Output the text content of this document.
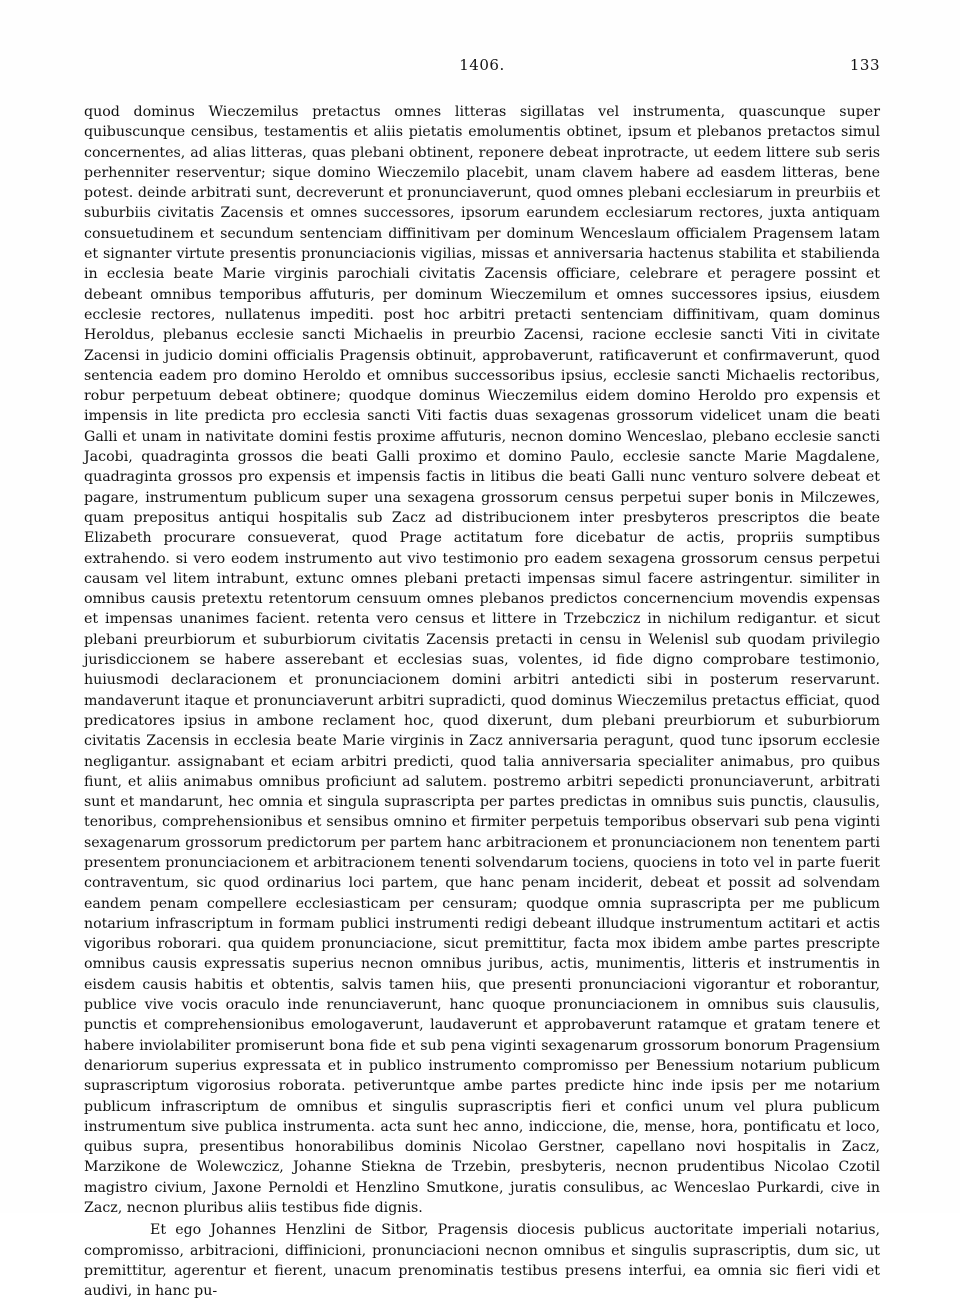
1406.	133

quod dominus Wieczemilus pretactus omnes litteras sigillatas vel instrumenta, quascunque super quibuscunque censibus, testamentis et aliis pietatis emolumentis obtinet, ipsum et plebanos pretactos simul concernentes, ad alias litteras, quas plebani obtinent, reponere debeat inprotracte, ut eedem littere sub seris perhenniter reserventur; sique domino Wieczemilo placebit, unam clavem habere ad easdem litteras, bene potest. deinde arbitrati sunt, decreverunt et pronunciaverunt, quod omnes plebani ecclesiarum in preurbiis et suburbiis civitatis Zacensis et omnes successores, ipsorum earundem ecclesiarum rectores, juxta antiquam consuetudinem et secundum sentenciam diffinitivam per dominum Wenceslaum officialem Pragensem latam et signanter virtute presentis pronunciacionis vigilias, missas et anniversaria hactenus stabilita et stabilienda in ecclesia beate Marie virginis parochiali civitatis Zacensis officiare, celebrare et peragere possint et debeant omnibus temporibus affuturis, per dominum Wieczemilum et omnes successores ipsius, eiusdem ecclesie rectores, nullatenus impediti. post hoc arbitri pretacti sentenciam diffinitivam, quam dominus Heroldus, plebanus ecclesie sancti Michaelis in preurbio Zacensi, racione ecclesie sancti Viti in civitate Zacensi in judicio domini officialis Pragensis obtinuit, approbaverunt, ratificaverunt et confirmaverunt, quod sentencia eadem pro domino Heroldo et omnibus successoribus ipsius, ecclesie sancti Michaelis rectoribus, robur perpetuum debeat obtinere; quodque dominus Wieczemilus eidem domino Heroldo pro expensis et impensis in lite predicta pro ecclesia sancti Viti factis duas sexagenas grossorum videlicet unam die beati Galli et unam in nativitate domini festis proxime affuturis, necnon domino Wenceslao, plebano ecclesie sancti Jacobi, quadraginta grossos die beati Galli proximo et domino Paulo, ecclesie sancte Marie Magdalene, quadraginta grossos pro expensis et impensis factis in litibus die beati Galli nunc venturo solvere debeat et pagare, instrumentum publicum super una sexagena grossorum census perpetui super bonis in Milczewes, quam prepositus antiqui hospitalis sub Zacz ad distribucionem inter presbyteros prescriptos die beate Elizabeth procurare consueverat, quod Prage actitatum fore dicebatur de actis, propriis sumptibus extrahendo. si vero eodem instrumento aut vivo testimonio pro eadem sexagena grossorum census perpetui causam vel litem intrabunt, extunc omnes plebani pretacti impensas simul facere astringentur. similiter in omnibus causis pretextu retentorum censuum omnes plebanos predictos concernencium movendis expensas et impensas unanimes facient. retenta vero census et littere in Trzebczicz in nichilum redigantur. et sicut plebani preurbiorum et suburbiorum civitatis Zacensis pretacti in censu in Welenisl sub quodam privilegio jurisdiccionem se habere asserebant et ecclesias suas, volentes, id fide digno comprobare testimonio, huiusmodi declaracionem et pronunciacionem domini arbitri antedicti sibi in posterum reservarunt. mandaverunt itaque et pronunciaverunt arbitri supradicti, quod dominus Wieczemilus pretactus efficiat, quod predicatores ipsius in ambone reclament hoc, quod dixerunt, dum plebani preurbiorum et suburbiorum civitatis Zacensis in ecclesia beate Marie virginis in Zacz anniversaria peragunt, quod tunc ipsorum ecclesie negligantur. assignabant et eciam arbitri predicti, quod talia anniversaria specialiter animabus, pro quibus fiunt, et aliis animabus omnibus proficiunt ad salutem. postremo arbitri sepedicti pronunciaverunt, arbitrati sunt et mandarunt, hec omnia et singula suprascripta per partes predictas in omnibus suis punctis, clausulis, tenoribus, comprehensionibus et sensibus omnino et firmiter perpetuis temporibus observari sub pena viginti sexagenarum grossorum predictorum per partem hanc arbitracionem et pronunciacionem non tenentem parti presentem pronunciacionem et arbitracionem tenenti solvendarum tociens, quociens in toto vel in parte fuerit contraventum, sic quod ordinarius loci partem, que hanc penam inciderit, debeat et possit ad solvendam eandem penam compellere ecclesiasticam per censuram; quodque omnia suprascripta per me publicum notarium infrascriptum in formam publici instrumenti redigi debeant illudque instrumentum actitari et actis vigoribus roborari. qua quidem pronunciacione, sicut premittitur, facta mox ibidem ambe partes prescripte omnibus causis expressatis superius necnon omnibus juribus, actis, munimentis, litteris et instrumentis in eisdem causis habitis et obtentis, salvis tamen hiis, que presenti pronunciacioni vigorantur et roborantur, publice vive vocis oraculo inde renunciaverunt, hanc quoque pronunciacionem in omnibus suis clausulis, punctis et comprehensionibus emologaverunt, laudaverunt et approbaverunt ratamque et gratam tenere et habere inviolabiliter promiserunt bona fide et sub pena viginti sexagenarum grossorum bonorum Pragensium denariorum superius expressata et in publico instrumento compromisso per Benessium notarium publicum suprascriptum vigorosius roborata. petiveruntque ambe partes predicte hinc inde ipsis per me notarium publicum infrascriptum de omnibus et singulis suprascriptis fieri et confici unum vel plura publicum instrumentum sive publica instrumenta. acta sunt hec anno, indiccione, die, mense, hora, pontificatu et loco, quibus supra, presentibus honorabilibus dominis Nicolao Gerstner, capellano novi hospitalis in Zacz, Marzikone de Wolewczicz, Johanne Stiekna de Trzebin, presbyteris, necnon prudentibus Nicolao Czotil magistro civium, Jaxone Pernoldi et Henzlino Smutkone, juratis consulibus, ac Wenceslao Purkardi, cive in Zacz, necnon pluribus aliis testibus fide dignis.

Et ego Johannes Henzlini de Sitbor, Pragensis diocesis publicus auctoritate imperiali notarius, compromisso, arbitracioni, diffinicioni, pronunciacioni necnon omnibus et singulis suprascriptis, dum sic, ut premittitur, agerentur et fierent, unacum prenominatis testibus presens interfui, ea omnia sic fieri vidi et audivi, in hanc pu-
